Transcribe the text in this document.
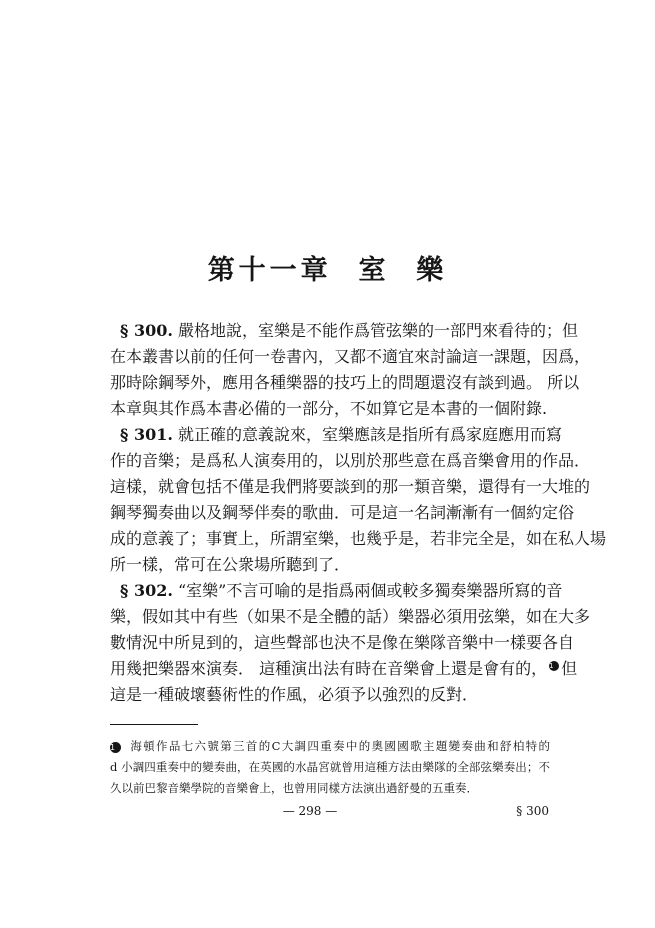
第十一章  室  樂
§ 300. 嚴格地說，室樂是不能作爲管弦樂的一部門來看待的；但
在本叢書以前的任何一卷書內，又都不適宜來討論這一課題，因爲，
那時除鋼琴外，應用各種樂器的技巧上的問題還沒有談到過。 所以
本章與其作爲本書必備的一部分，不如算它是本書的一個附錄.
§ 301. 就正確的意義說來，室樂應該是指所有爲家庭應用而寫
作的音樂；是爲私人演奏用的，以別於那些意在爲音樂會用的作品．
這樣，就會包括不僅是我們將要談到的那一類音樂，還得有一大堆的
鋼琴獨奏曲以及鋼琴伴奏的歌曲．可是這一名詞漸漸有一個約定俗
成的意義了；事實上，所謂室樂，也幾乎是，若非完全是，如在私人場
所一樣，常可在公衆場所聽到了．
§ 302. “室樂”不言可喻的是指爲兩個或較多獨奏樂器所寫的音
樂，假如其中有些（如果不是全體的話）樂器必須用弦樂，如在大多
數情況中所見到的，這些聲部也決不是像在樂隊音樂中一樣要各自
用幾把樂器來演奏． 這種演出法有時在音樂會上還是會有的， 1 但
這是一種破壞藝術性的作風，必須予以強烈的反對．
1 海頓作品七六號第三首的C大調四重奏中的奧國國歌主題變奏曲和舒柏特的
d 小調四重奏中的變奏曲，在英國的水晶宮就曾用這種方法由樂隊的全部弦樂奏出；不
久以前巴黎音樂學院的音樂會上，也曾用同樣方法演出過舒曼的五重奏．
— 298 —	§ 300
